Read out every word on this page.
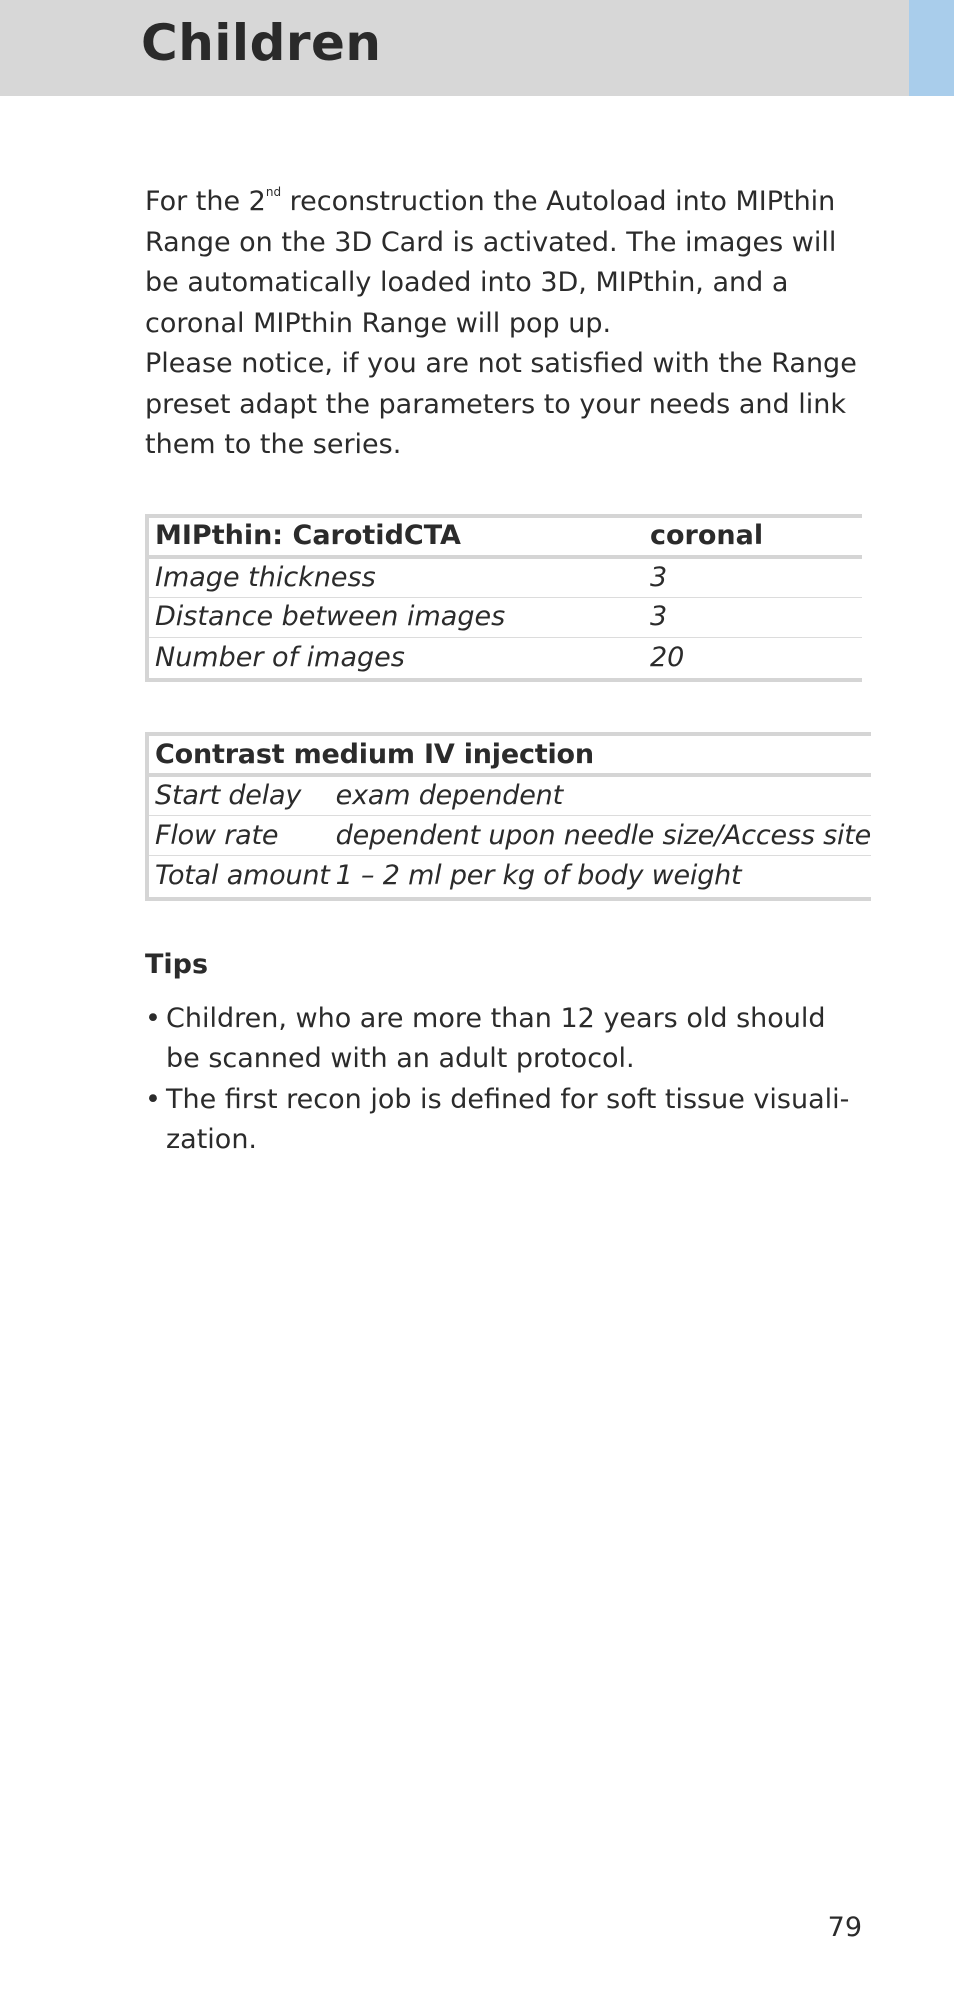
Children

For the 2nd reconstruction the Autoload into MIPthin Range on the 3D Card is activated. The images will be automatically loaded into 3D, MIPthin, and a coronal MIPthin Range will pop up.
Please notice, if you are not satisfied with the Range preset adapt the parameters to your needs and link them to the series.

MIPthin: CarotidCTA	coronal
Image thickness	3
Distance between images	3
Number of images	20
Contrast medium IV injection	
Start delay	exam dependent
Flow rate	dependent upon needle size/Access site
Total amount	1 – 2 ml per kg of body weight
Tips
• Children, who are more than 12 years old should be scanned with an adult protocol.
• The first recon job is defined for soft tissue visuali-zation.
79
